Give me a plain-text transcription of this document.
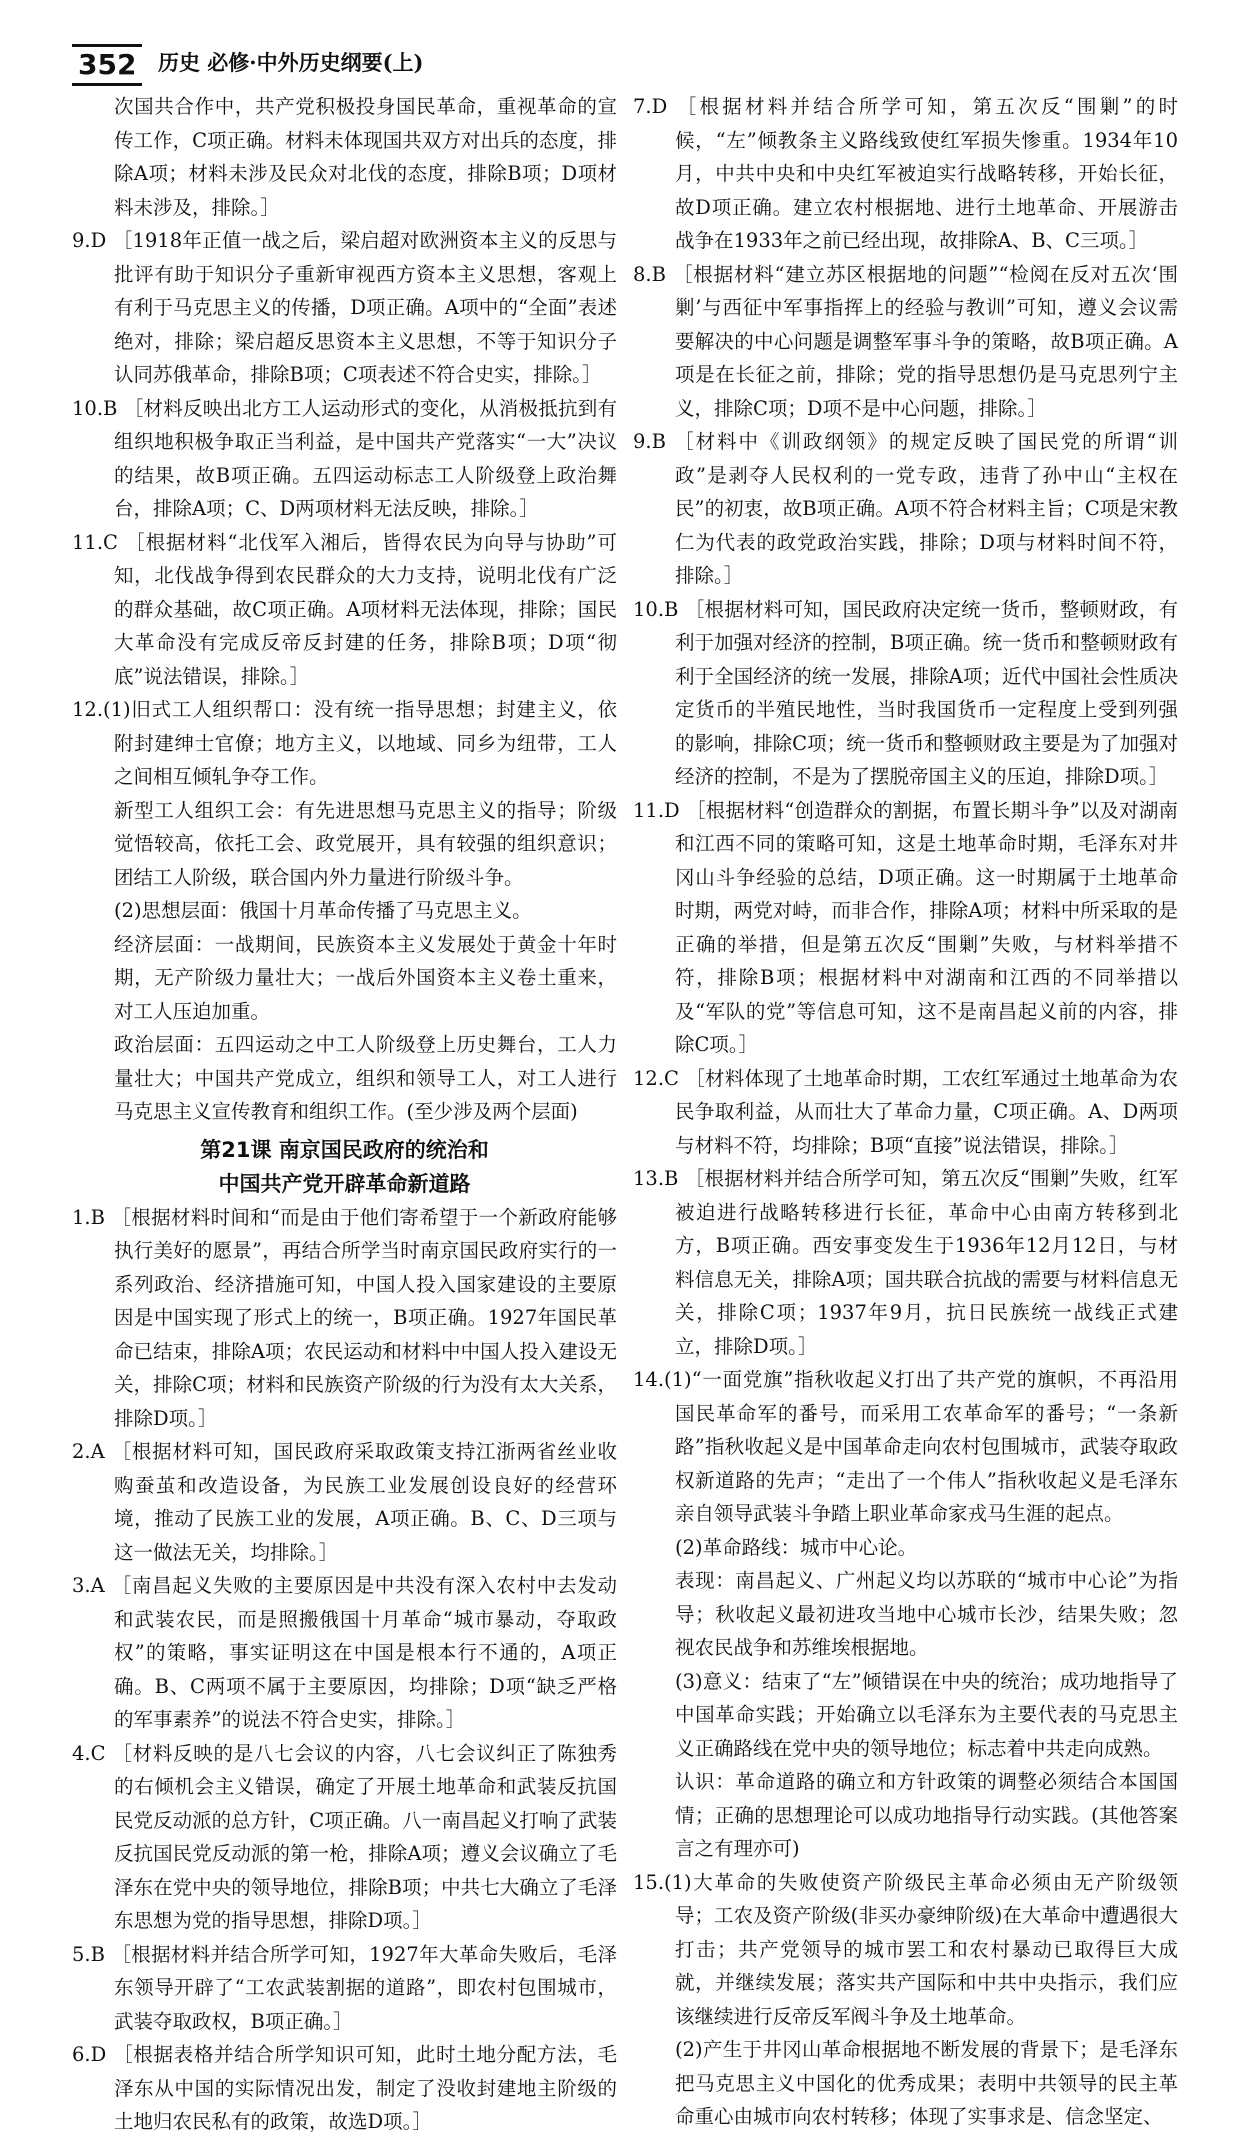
352 历史 必修·中外历史纲要(上)

次国共合作中，共产党积极投身国民革命，重视革命的宣传工作，C项正确。材料未体现国共双方对出兵的态度，排除A项；材料未涉及民众对北伐的态度，排除B项；D项材料未涉及，排除。］

9.D ［1918年正值一战之后，梁启超对欧洲资本主义的反思与批评有助于知识分子重新审视西方资本主义思想，客观上有利于马克思主义的传播，D项正确。A项中的“全面”表述绝对，排除；梁启超反思资本主义思想，不等于知识分子认同苏俄革命，排除B项；C项表述不符合史实，排除。］

10.B ［材料反映出北方工人运动形式的变化，从消极抵抗到有组织地积极争取正当利益，是中国共产党落实“一大”决议的结果，故B项正确。五四运动标志工人阶级登上政治舞台，排除A项；C、D两项材料无法反映，排除。］

11.C ［根据材料“北伐军入湘后，皆得农民为向导与协助”可知，北伐战争得到农民群众的大力支持，说明北伐有广泛的群众基础，故C项正确。A项材料无法体现，排除；国民大革命没有完成反帝反封建的任务，排除B项；D项“彻底”说法错误，排除。］

12.(1)旧式工人组织帮口：没有统一指导思想；封建主义，依附封建绅士官僚；地方主义，以地域、同乡为纽带，工人之间相互倾轧争夺工作。

新型工人组织工会：有先进思想马克思主义的指导；阶级觉悟较高，依托工会、政党展开，具有较强的组织意识；团结工人阶级，联合国内外力量进行阶级斗争。

(2)思想层面：俄国十月革命传播了马克思主义。

经济层面：一战期间，民族资本主义发展处于黄金十年时期，无产阶级力量壮大；一战后外国资本主义卷土重来，对工人压迫加重。

政治层面：五四运动之中工人阶级登上历史舞台，工人力量壮大；中国共产党成立，组织和领导工人，对工人进行马克思主义宣传教育和组织工作。(至少涉及两个层面)

第21课 南京国民政府的统治和

中国共产党开辟革命新道路

1.B ［根据材料时间和“而是由于他们寄希望于一个新政府能够执行美好的愿景”，再结合所学当时南京国民政府实行的一系列政治、经济措施可知，中国人投入国家建设的主要原因是中国实现了形式上的统一，B项正确。1927年国民革命已结束，排除A项；农民运动和材料中中国人投入建设无关，排除C项；材料和民族资产阶级的行为没有太大关系，排除D项。］

2.A ［根据材料可知，国民政府采取政策支持江浙两省丝业收购蚕茧和改造设备，为民族工业发展创设良好的经营环境，推动了民族工业的发展，A项正确。B、C、D三项与这一做法无关，均排除。］

3.A ［南昌起义失败的主要原因是中共没有深入农村中去发动和武装农民，而是照搬俄国十月革命“城市暴动，夺取政权”的策略，事实证明这在中国是根本行不通的，A项正确。B、C两项不属于主要原因，均排除；D项“缺乏严格的军事素养”的说法不符合史实，排除。］

4.C ［材料反映的是八七会议的内容，八七会议纠正了陈独秀的右倾机会主义错误，确定了开展土地革命和武装反抗国民党反动派的总方针，C项正确。八一南昌起义打响了武装反抗国民党反动派的第一枪，排除A项；遵义会议确立了毛泽东在党中央的领导地位，排除B项；中共七大确立了毛泽东思想为党的指导思想，排除D项。］

5.B ［根据材料并结合所学可知，1927年大革命失败后，毛泽东领导开辟了“工农武装割据的道路”，即农村包围城市，武装夺取政权，B项正确。］

6.D ［根据表格并结合所学知识可知，此时土地分配方法，毛泽东从中国的实际情况出发，制定了没收封建地主阶级的土地归农民私有的政策，故选D项。］

7.D ［根据材料并结合所学可知，第五次反“围剿”的时候，“左”倾教条主义路线致使红军损失惨重。1934年10月，中共中央和中央红军被迫实行战略转移，开始长征，故D项正确。建立农村根据地、进行土地革命、开展游击战争在1933年之前已经出现，故排除A、B、C三项。］

8.B ［根据材料“建立苏区根据地的问题”“检阅在反对五次‘围剿’与西征中军事指挥上的经验与教训”可知，遵义会议需要解决的中心问题是调整军事斗争的策略，故B项正确。A项是在长征之前，排除；党的指导思想仍是马克思列宁主义，排除C项；D项不是中心问题，排除。］

9.B ［材料中《训政纲领》的规定反映了国民党的所谓“训政”是剥夺人民权利的一党专政，违背了孙中山“主权在民”的初衷，故B项正确。A项不符合材料主旨；C项是宋教仁为代表的政党政治实践，排除；D项与材料时间不符，排除。］

10.B ［根据材料可知，国民政府决定统一货币，整顿财政，有利于加强对经济的控制，B项正确。统一货币和整顿财政有利于全国经济的统一发展，排除A项；近代中国社会性质决定货币的半殖民地性，当时我国货币一定程度上受到列强的影响，排除C项；统一货币和整顿财政主要是为了加强对经济的控制，不是为了摆脱帝国主义的压迫，排除D项。］

11.D ［根据材料“创造群众的割据，布置长期斗争”以及对湖南和江西不同的策略可知，这是土地革命时期，毛泽东对井冈山斗争经验的总结，D项正确。这一时期属于土地革命时期，两党对峙，而非合作，排除A项；材料中所采取的是正确的举措，但是第五次反“围剿”失败，与材料举措不符，排除B项；根据材料中对湖南和江西的不同举措以及“军队的党”等信息可知，这不是南昌起义前的内容，排除C项。］

12.C ［材料体现了土地革命时期，工农红军通过土地革命为农民争取利益，从而壮大了革命力量，C项正确。A、D两项与材料不符，均排除；B项“直接”说法错误，排除。］

13.B ［根据材料并结合所学可知，第五次反“围剿”失败，红军被迫进行战略转移进行长征，革命中心由南方转移到北方，B项正确。西安事变发生于1936年12月12日，与材料信息无关，排除A项；国共联合抗战的需要与材料信息无关，排除C项；1937年9月，抗日民族统一战线正式建立，排除D项。］

14.(1)“一面党旗”指秋收起义打出了共产党的旗帜，不再沿用国民革命军的番号，而采用工农革命军的番号；“一条新路”指秋收起义是中国革命走向农村包围城市，武装夺取政权新道路的先声；“走出了一个伟人”指秋收起义是毛泽东亲自领导武装斗争踏上职业革命家戎马生涯的起点。

(2)革命路线：城市中心论。

表现：南昌起义、广州起义均以苏联的“城市中心论”为指导；秋收起义最初进攻当地中心城市长沙，结果失败；忽视农民战争和苏维埃根据地。

(3)意义：结束了“左”倾错误在中央的统治；成功地指导了中国革命实践；开始确立以毛泽东为主要代表的马克思主义正确路线在党中央的领导地位；标志着中共走向成熟。

认识：革命道路的确立和方针政策的调整必须结合本国国情；正确的思想理论可以成功地指导行动实践。(其他答案言之有理亦可)

15.(1)大革命的失败使资产阶级民主革命必须由无产阶级领导；工农及资产阶级(非买办豪绅阶级)在大革命中遭遇很大打击；共产党领导的城市罢工和农村暴动已取得巨大成就，并继续发展；落实共产国际和中共中央指示，我们应该继续进行反帝反军阀斗争及土地革命。

(2)产生于井冈山革命根据地不断发展的背景下；是毛泽东把马克思主义中国化的优秀成果；表明中共领导的民主革命重心由城市向农村转移；体现了实事求是、信念坚定、
